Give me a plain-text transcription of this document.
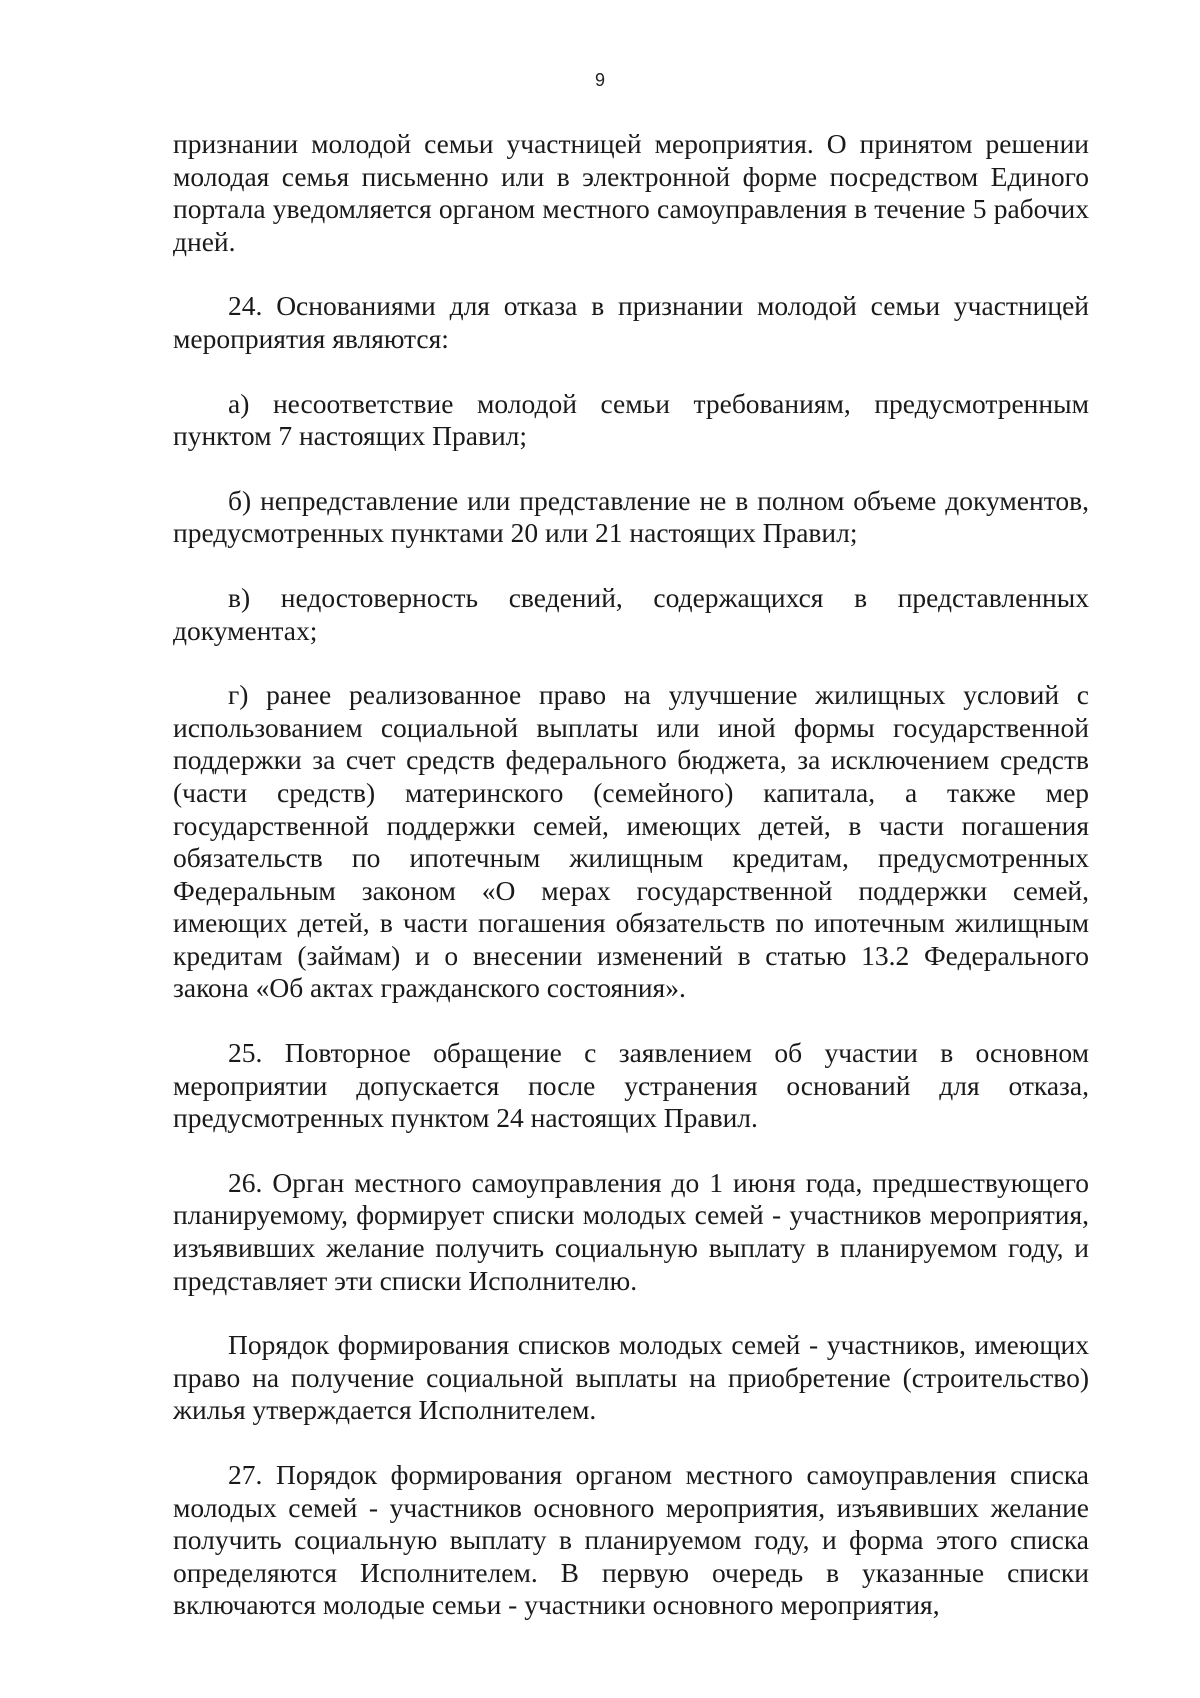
9

признании молодой семьи участницей мероприятия. О принятом решении молодая семья письменно или в электронной форме посредством Единого портала уведомляется органом местного самоуправления в течение 5 рабочих дней.

24. Основаниями для отказа в признании молодой семьи участницей мероприятия являются:

а) несоответствие молодой семьи требованиям, предусмотренным пунктом 7 настоящих Правил;

б) непредставление или представление не в полном объеме документов, предусмотренных пунктами 20 или 21 настоящих Правил;

в) недостоверность сведений, содержащихся в представленных документах;

г) ранее реализованное право на улучшение жилищных условий с использованием социальной выплаты или иной формы государственной поддержки за счет средств федерального бюджета, за исключением средств (части средств) материнского (семейного) капитала, а также мер государственной поддержки семей, имеющих детей, в части погашения обязательств по ипотечным жилищным кредитам, предусмотренных Федеральным законом «О мерах государственной поддержки семей, имеющих детей, в части погашения обязательств по ипотечным жилищным кредитам (займам) и о внесении изменений в статью 13.2 Федерального закона «Об актах гражданского состояния».

25. Повторное обращение с заявлением об участии в основном мероприятии допускается после устранения оснований для отказа, предусмотренных пунктом 24 настоящих Правил.

26. Орган местного самоуправления до 1 июня года, предшествующего планируемому, формирует списки молодых семей - участников мероприятия, изъявивших желание получить социальную выплату в планируемом году, и представляет эти списки Исполнителю.

Порядок формирования списков молодых семей - участников, имеющих право на получение социальной выплаты на приобретение (строительство) жилья утверждается Исполнителем.

27. Порядок формирования органом местного самоуправления списка молодых семей - участников основного мероприятия, изъявивших желание получить социальную выплату в планируемом году, и форма этого списка определяются Исполнителем. В первую очередь в указанные списки включаются молодые семьи - участники основного мероприятия,
